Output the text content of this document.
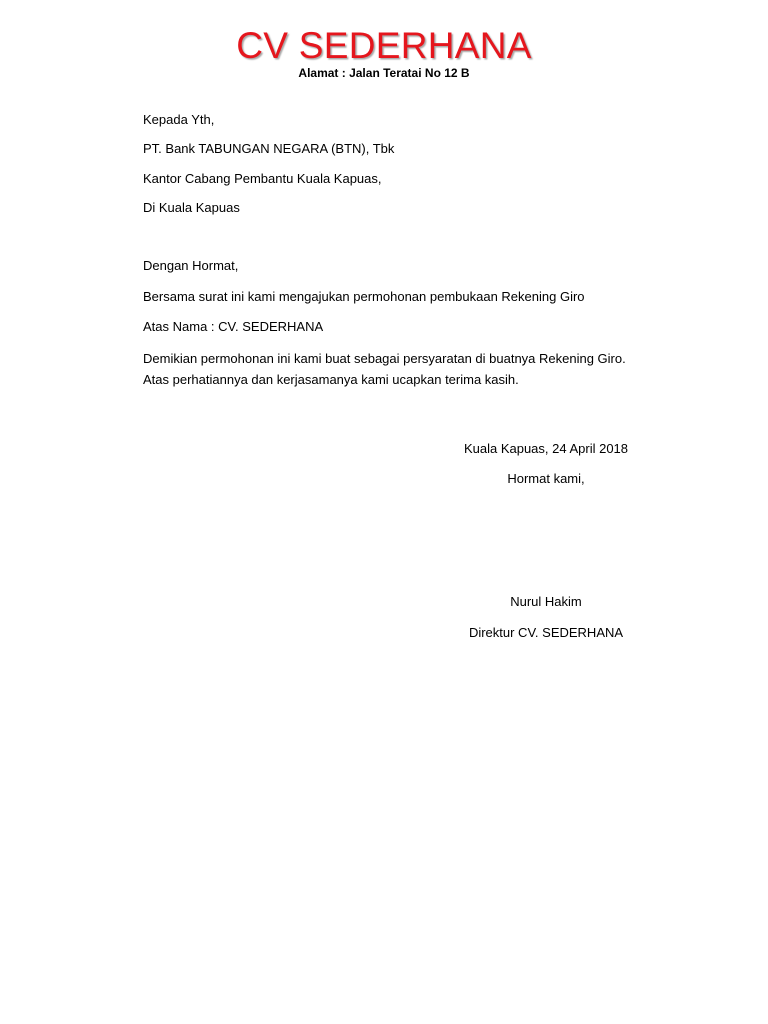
CV SEDERHANA
Alamat : Jalan Teratai No 12 B
Kepada Yth,
PT. Bank TABUNGAN NEGARA (BTN), Tbk
Kantor Cabang Pembantu Kuala Kapuas,
Di Kuala Kapuas
Dengan Hormat,
Bersama surat ini kami mengajukan permohonan pembukaan Rekening Giro
Atas Nama : CV. SEDERHANA
Demikian permohonan ini kami buat sebagai persyaratan di buatnya Rekening Giro. Atas perhatiannya dan kerjasamanya kami ucapkan terima kasih.
Kuala Kapuas, 24 April 2018
Hormat kami,
Nurul Hakim
Direktur CV. SEDERHANA
